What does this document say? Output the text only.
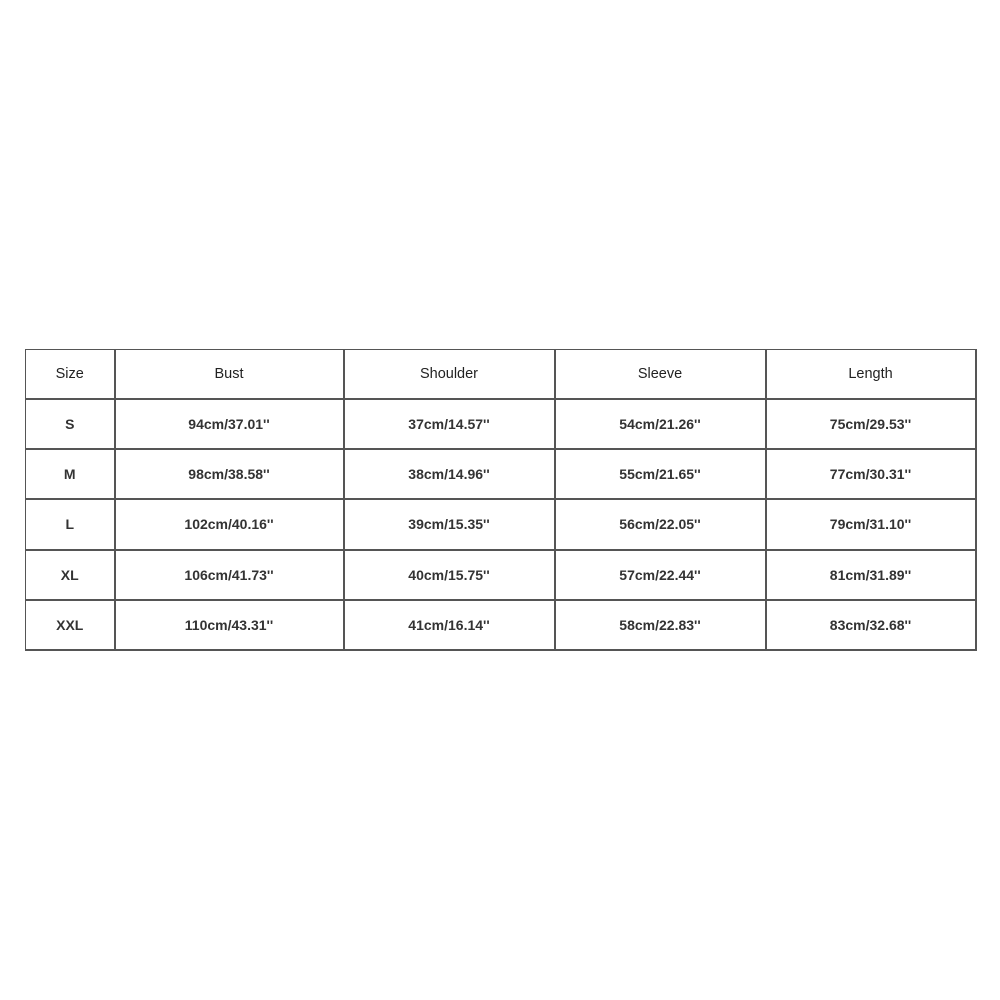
Size	Bust	Shoulder	Sleeve	Length
S	94cm/37.01''	37cm/14.57''	54cm/21.26''	75cm/29.53''
M	98cm/38.58''	38cm/14.96''	55cm/21.65''	77cm/30.31''
L	102cm/40.16''	39cm/15.35''	56cm/22.05''	79cm/31.10''
XL	106cm/41.73''	40cm/15.75''	57cm/22.44''	81cm/31.89''
XXL	110cm/43.31''	41cm/16.14''	58cm/22.83''	83cm/32.68''
